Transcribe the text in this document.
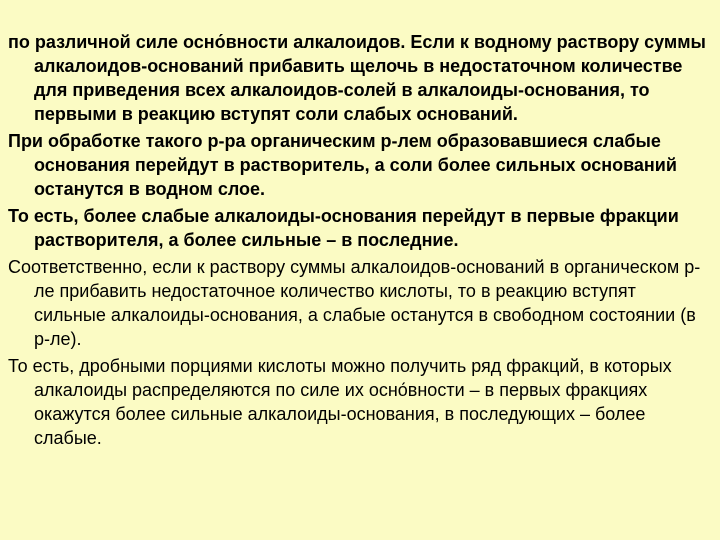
по различной силе осно́вности алкалоидов. Если к водному раствору суммы алкалоидов-оснований прибавить щелочь в недостаточном количестве для приведения всех алкалоидов-солей в алкалоиды-основания, то первыми в реакцию вступят соли слабых оснований.

При обработке такого р-ра органическим р-лем образовавшиеся слабые основания перейдут в растворитель, а соли более сильных оснований останутся в водном слое.

То есть, более слабые алкалоиды-основания перейдут в первые фракции растворителя, а более сильные – в последние.

Соответственно, если к раствору суммы алкалоидов-оснований в органическом р-ле прибавить недостаточное количество кислоты, то в реакцию вступят сильные алкалоиды-основания, а слабые останутся в свободном состоянии (в р-ле).

То есть, дробными порциями кислоты можно получить ряд фракций, в которых алкалоиды распределяются по силе их осно́вности – в первых фракциях окажутся более сильные алкалоиды-основания, в последующих – более слабые.
